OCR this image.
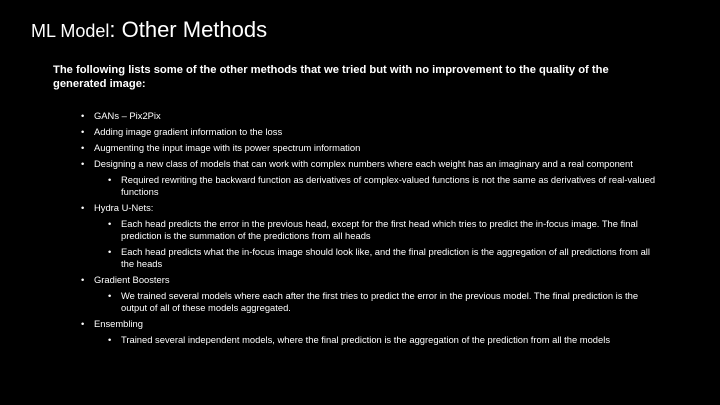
ML Model: Other Methods
The following lists some of the other methods that we tried but with no improvement to the quality of the generated image:
• GANs – Pix2Pix
• Adding image gradient information to the loss
• Augmenting the input image with its power spectrum information
• Designing a new class of models that can work with complex numbers where each weight has an imaginary and a real component
• Required rewriting the backward function as derivatives of complex-valued functions is not the same as derivatives of real-valued functions
• Hydra U-Nets:
• Each head predicts the error in the previous head, except for the first head which tries to predict the in-focus image. The final prediction is the summation of the predictions from all heads
• Each head predicts what the in-focus image should look like, and the final prediction is the aggregation of all predictions from all the heads
• Gradient Boosters
• We trained several models where each after the first tries to predict the error in the previous model. The final prediction is the output of all of these models aggregated.
• Ensembling
• Trained several independent models, where the final prediction is the aggregation of the prediction from all the models
